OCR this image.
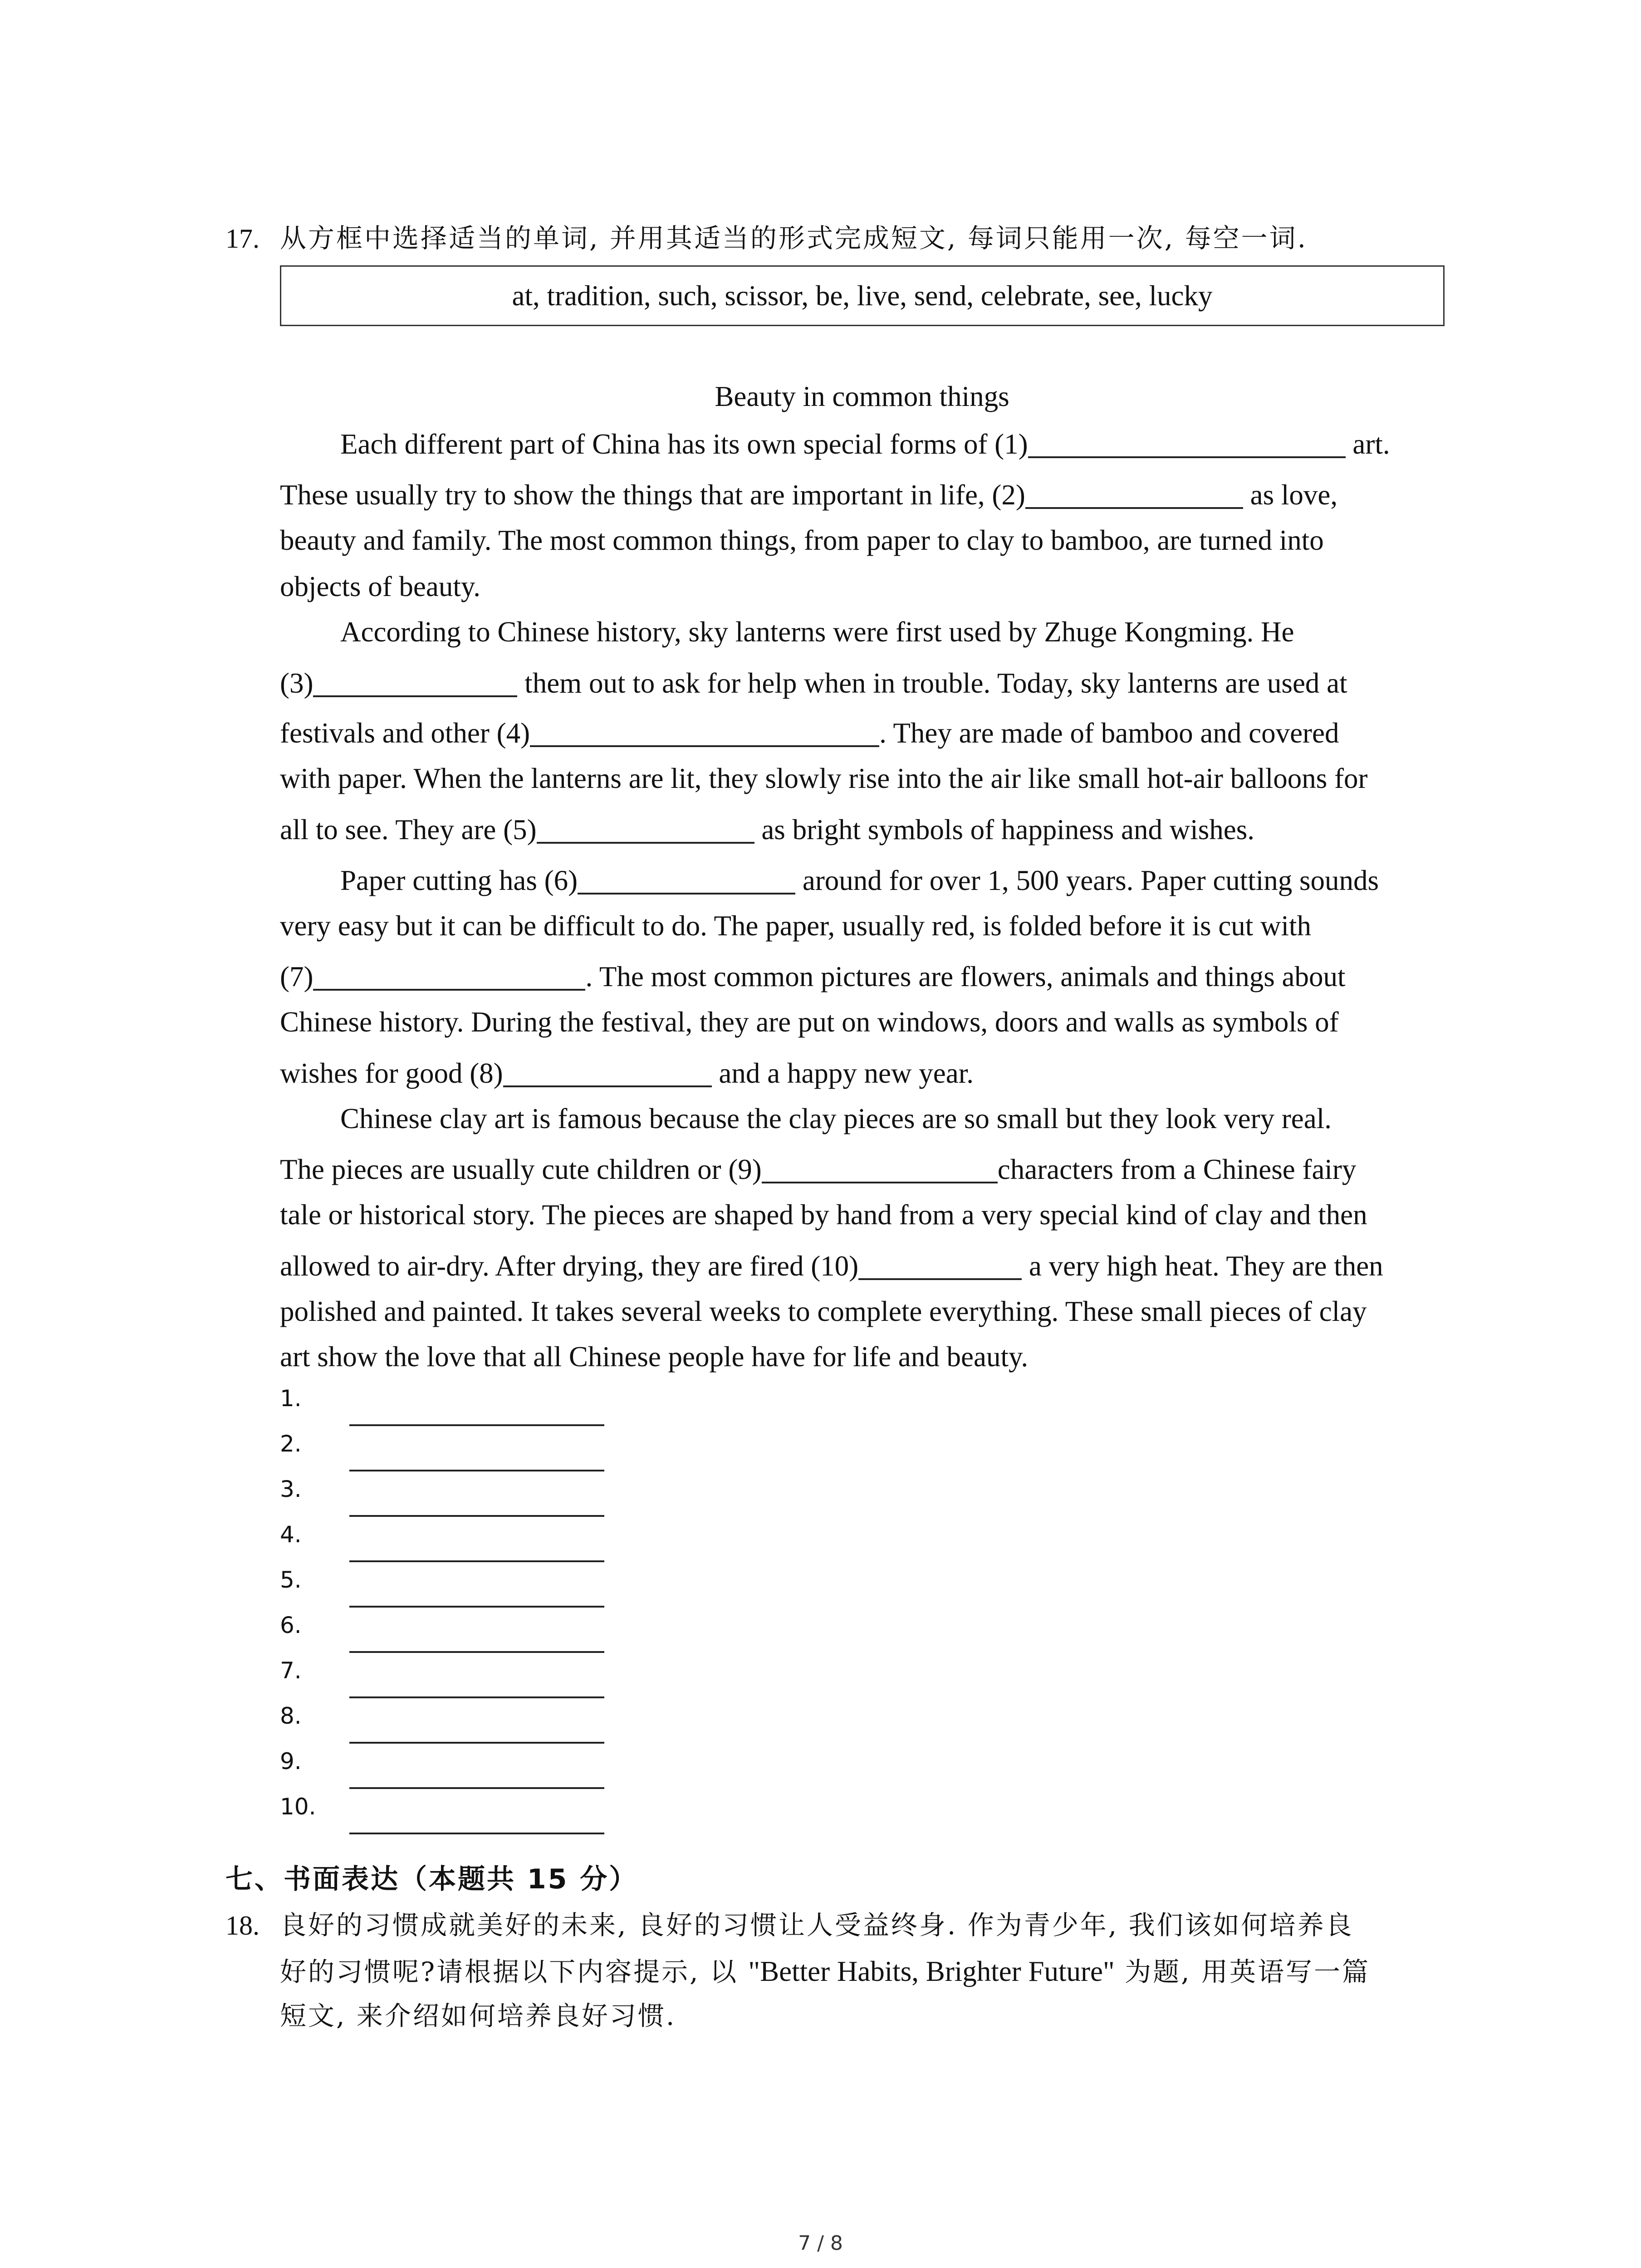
17. 从方框中选择适当的单词, 并用其适当的形式完成短文, 每词只能用一次, 每空一词.
at, tradition, such, scissor, be, live, send, celebrate, see, lucky
Beauty in common things
Each different part of China has its own special forms of (1)	art.
These usually try to show the things that are important in life, (2)	as love,
beauty and family. The most common things, from paper to clay to bamboo, are turned into
objects of beauty.
According to Chinese history, sky lanterns were first used by Zhuge Kongming. He
(3)	them out to ask for help when in trouble. Today, sky lanterns are used at
festivals and other (4)	. They are made of bamboo and covered
with paper. When the lanterns are lit, they slowly rise into the air like small hot-air balloons for
all to see. They are (5)	as bright symbols of happiness and wishes.
Paper cutting has (6)	around for over 1, 500 years. Paper cutting sounds
very easy but it can be difficult to do. The paper, usually red, is folded before it is cut with
(7)	. The most common pictures are flowers, animals and things about
Chinese history. During the festival, they are put on windows, doors and walls as symbols of
wishes for good (8)	and a happy new year.
Chinese clay art is famous because the clay pieces are so small but they look very real.
The pieces are usually cute children or (9)	characters from a Chinese fairy
tale or historical story. The pieces are shaped by hand from a very special kind of clay and then
allowed to air-dry. After drying, they are fired (10)	a very high heat. They are then
polished and painted. It takes several weeks to complete everything. These small pieces of clay
art show the love that all Chinese people have for life and beauty.
1.
2.
3.
4.
5.
6.
7.
8.
9.
10.
七、书面表达（本题共 15 分）
18. 良好的习惯成就美好的未来, 良好的习惯让人受益终身. 作为青少年, 我们该如何培养良
好的习惯呢?请根据以下内容提示, 以 "Better Habits, Brighter Future" 为题, 用英语写一篇
短文, 来介绍如何培养良好习惯.
7 / 8
